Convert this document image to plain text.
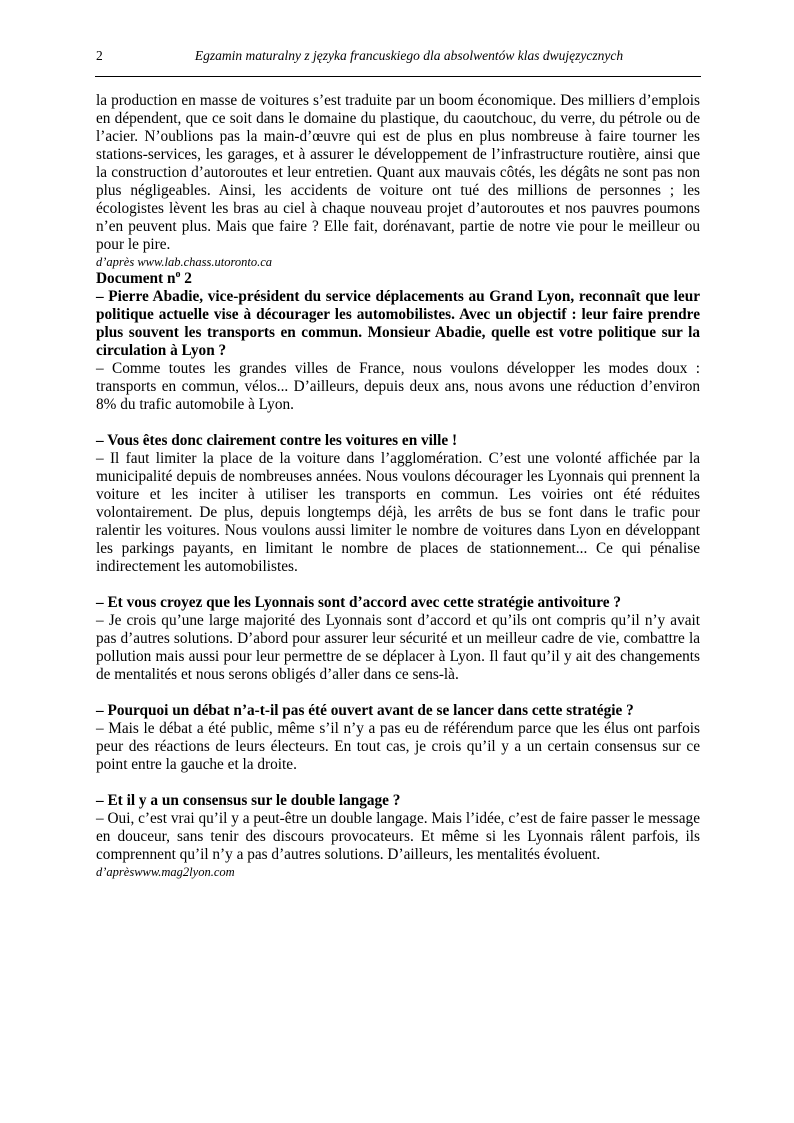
2	Egzamin maturalny z języka francuskiego dla absolwentów klas dwujęzycznych

la production en masse de voitures s’est traduite par un boom économique. Des milliers d’emplois en dépendent, que ce soit dans le domaine du plastique, du caoutchouc, du verre, du pétrole ou de l’acier. N’oublions pas la main-d’œuvre qui est de plus en plus nombreuse à faire tourner les stations-services, les garages, et à assurer le développement de l’infrastructure routière, ainsi que la construction d’autoroutes et leur entretien. Quant aux mauvais côtés, les dégâts ne sont pas non plus négligeables. Ainsi, les accidents de voiture ont tué des millions de personnes ; les écologistes lèvent les bras au ciel à chaque nouveau projet d’autoroutes et nos pauvres poumons n’en peuvent plus. Mais que faire ? Elle fait, dorénavant, partie de notre vie pour le meilleur ou pour le pire.

d’après www.lab.chass.utoronto.ca

Document $n^o$ 2

– Pierre Abadie, vice-président du service déplacements au Grand Lyon, reconnaît que leur politique actuelle vise à décourager les automobilistes. Avec un objectif : leur faire prendre plus souvent les transports en commun. Monsieur Abadie, quelle est votre politique sur la circulation à Lyon ?

– Comme toutes les grandes villes de France, nous voulons développer les modes doux : transports en commun, vélos... D’ailleurs, depuis deux ans, nous avons une réduction d’environ 8% du trafic automobile à Lyon.

– Vous êtes donc clairement contre les voitures en ville !

– Il faut limiter la place de la voiture dans l’agglomération. C’est une volonté affichée par la municipalité depuis de nombreuses années. Nous voulons décourager les Lyonnais qui prennent la voiture et les inciter à utiliser les transports en commun. Les voiries ont été réduites volontairement. De plus, depuis longtemps déjà, les arrêts de bus se font dans le trafic pour ralentir les voitures. Nous voulons aussi limiter le nombre de voitures dans Lyon en développant les parkings payants, en limitant le nombre de places de stationnement... Ce qui pénalise indirectement les automobilistes.

– Et vous croyez que les Lyonnais sont d’accord avec cette stratégie antivoiture ?

– Je crois qu’une large majorité des Lyonnais sont d’accord et qu’ils ont compris qu’il n’y avait pas d’autres solutions. D’abord pour assurer leur sécurité et un meilleur cadre de vie, combattre la pollution mais aussi pour leur permettre de se déplacer à Lyon. Il faut qu’il y ait des changements de mentalités et nous serons obligés d’aller dans ce sens-là.

– Pourquoi un débat n’a-t-il pas été ouvert avant de se lancer dans cette stratégie ?

– Mais le débat a été public, même s’il n’y a pas eu de référendum parce que les élus ont parfois peur des réactions de leurs électeurs. En tout cas, je crois qu’il y a un certain consensus sur ce point entre la gauche et la droite.

– Et il y a un consensus sur le double langage ?

– Oui, c’est vrai qu’il y a peut-être un double langage. Mais l’idée, c’est de faire passer le message en douceur, sans tenir des discours provocateurs. Et même si les Lyonnais râlent parfois, ils comprennent qu’il n’y a pas d’autres solutions. D’ailleurs, les mentalités évoluent.

d’aprèswww.mag2lyon.com
